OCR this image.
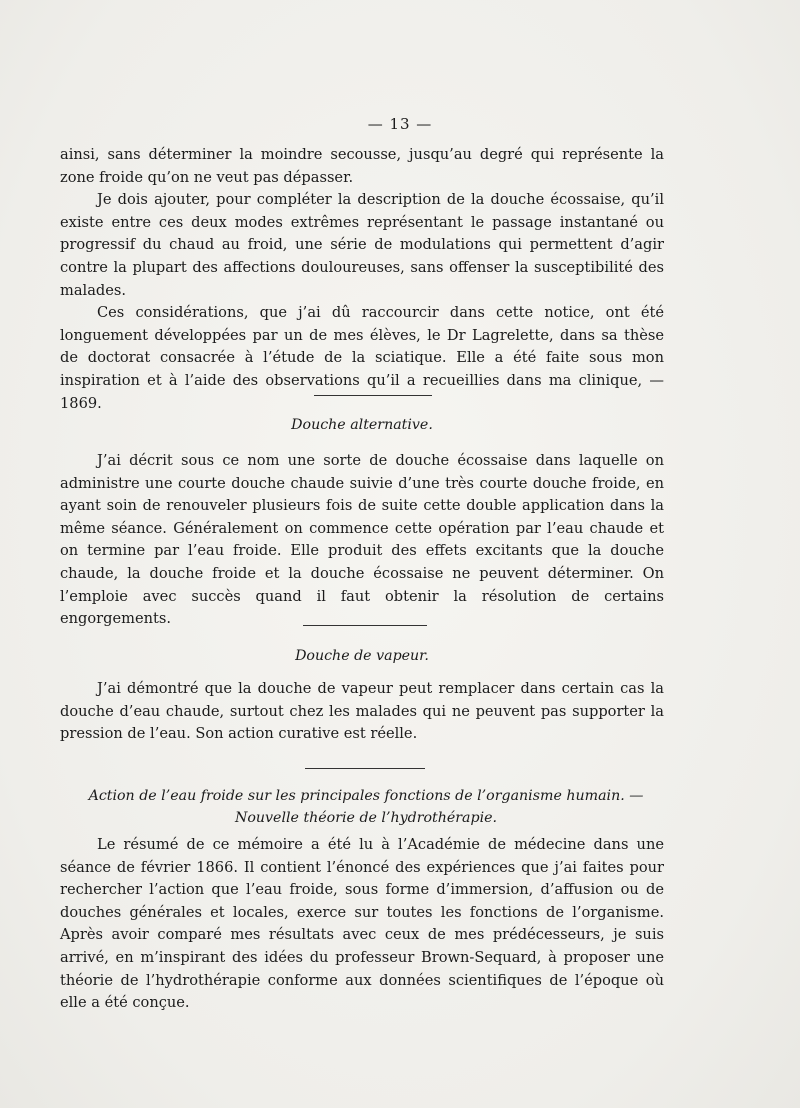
— 13 —

ainsi, sans déterminer la moindre secousse, jusqu’au degré qui représente la zone froide qu’on ne veut pas dépasser.

Je dois ajouter, pour compléter la description de la douche écossaise, qu’il existe entre ces deux modes extrêmes représentant le passage instantané ou progressif du chaud au froid, une série de modulations qui permettent d’agir contre la plupart des affections douloureuses, sans offenser la susceptibilité des malades.

Ces considérations, que j’ai dû raccourcir dans cette notice, ont été longuement développées par un de mes élèves, le Dr Lagrelette, dans sa thèse de doctorat consacrée à l’étude de la sciatique. Elle a été faite sous mon inspiration et à l’aide des observations qu’il a recueillies dans ma clinique, — 1869.

Douche alternative.

J’ai décrit sous ce nom une sorte de douche écossaise dans laquelle on administre une courte douche chaude suivie d’une très courte douche froide, en ayant soin de renouveler plusieurs fois de suite cette double application dans la même séance. Généralement on commence cette opération par l’eau chaude et on termine par l’eau froide. Elle produit des effets excitants que la douche chaude, la douche froide et la douche écossaise ne peuvent déterminer. On l’emploie avec succès quand il faut obtenir la résolution de certains engorgements.

Douche de vapeur.

J’ai démontré que la douche de vapeur peut remplacer dans certain cas la douche d’eau chaude, surtout chez les malades qui ne peuvent pas supporter la pression de l’eau. Son action curative est réelle.

Action de l’eau froide sur les principales fonctions de l’organisme humain. — Nouvelle théorie de l’hydrothérapie.

Le résumé de ce mémoire a été lu à l’Académie de médecine dans une séance de février 1866. Il contient l’énoncé des expériences que j’ai faites pour rechercher l’action que l’eau froide, sous forme d’immersion, d’affusion ou de douches générales et locales, exerce sur toutes les fonctions de l’organisme. Après avoir comparé mes résultats avec ceux de mes prédécesseurs, je suis arrivé, en m’inspirant des idées du professeur Brown-Sequard, à proposer une théorie de l’hydrothérapie conforme aux données scientifiques de l’époque où elle a été conçue.
